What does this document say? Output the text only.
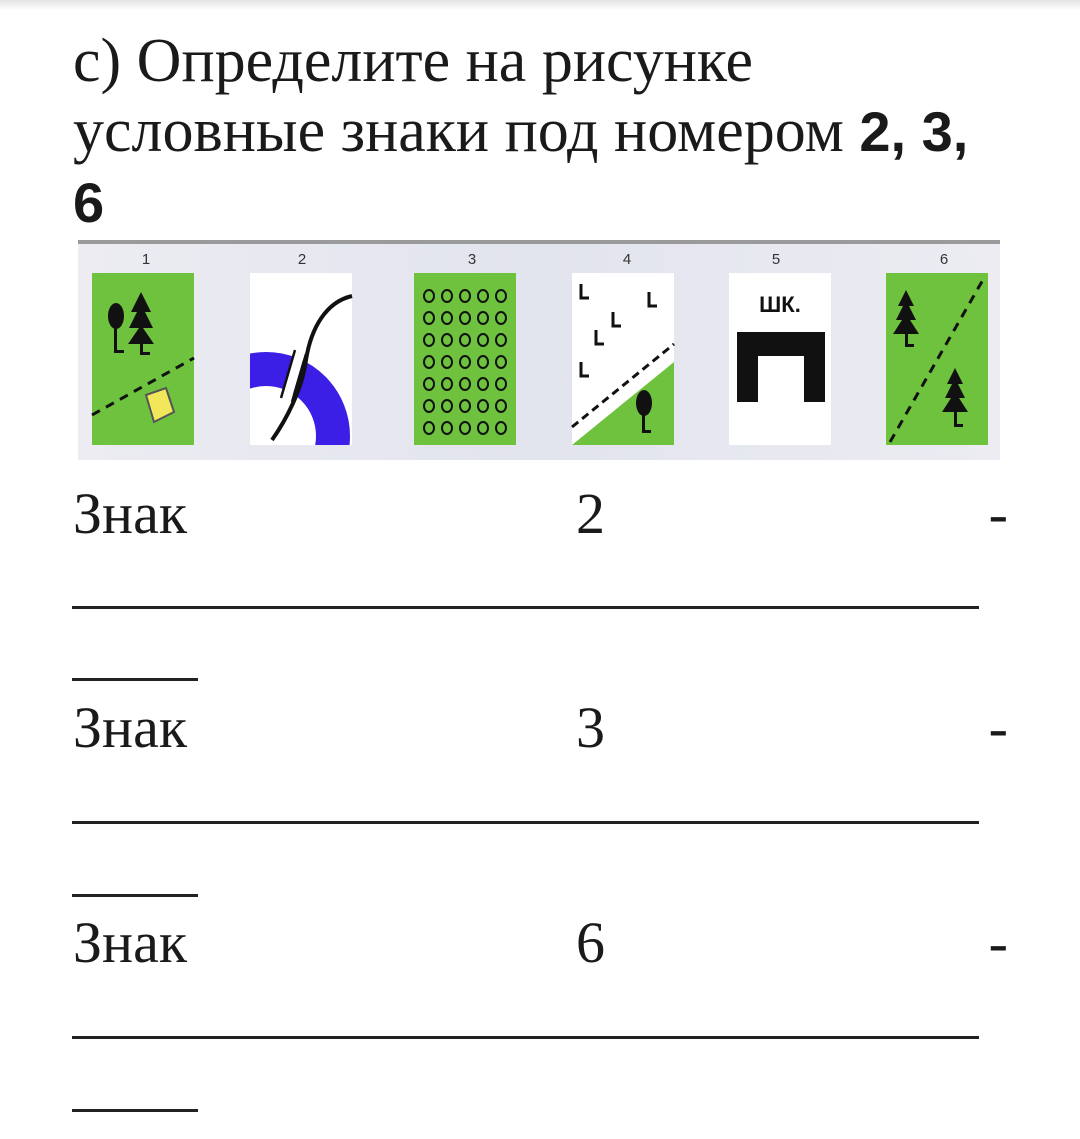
с) Определите на рисунке условные знаки под номером 2, 3, 6
1	2	3	4	5	6
ШК.
Знак	2	-
Знак	3	-
Знак	6	-
